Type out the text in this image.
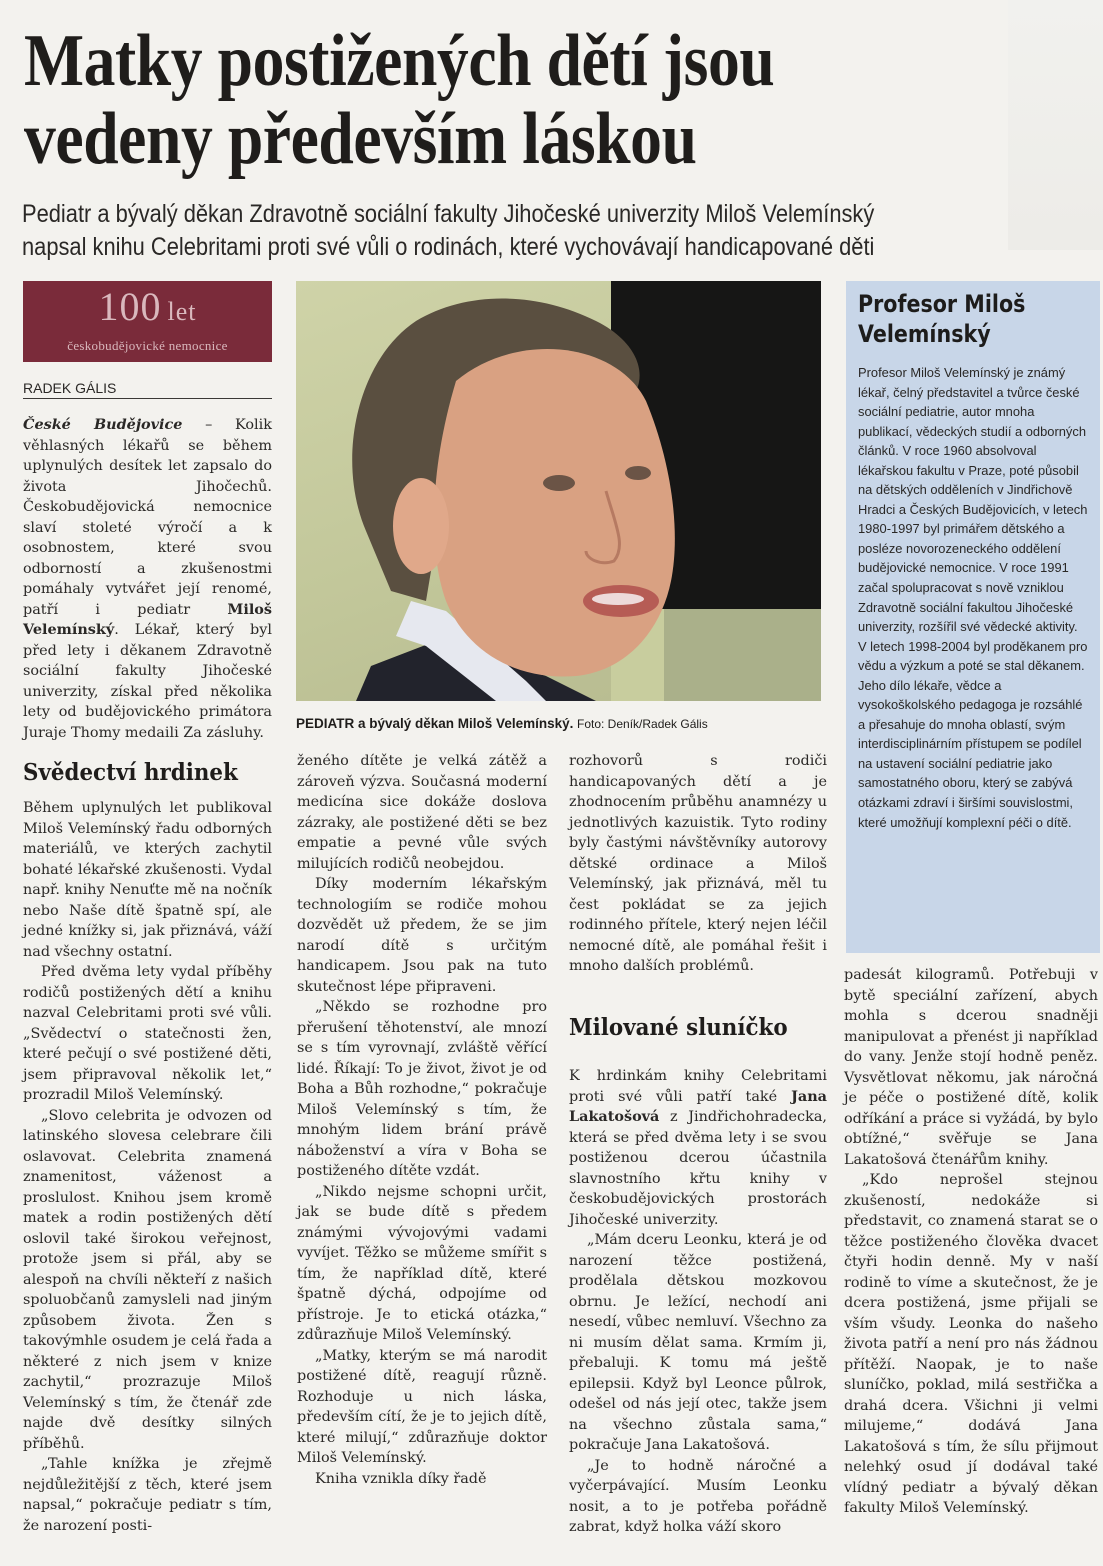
Matky postižených dětí jsou
vedeny především láskou
Pediatr a bývalý děkan Zdravotně sociální fakulty Jihočeské univerzity Miloš Velemínský
napsal knihu Celebritami proti své vůli o rodinách, které vychovávají handicapované děti
100 let
českobudějovické nemocnice
RADEK GÁLIS

České Budějovice – Kolik věhlasných lékařů se během uplynulých desítek let zapsalo do života Jihočechů. Českobudějovická nemocnice slaví stoleté výročí a k osobnostem, které svou odborností a zkušenostmi pomáhaly vytvářet její renomé, patří i pediatr Miloš Velemínský. Lékař, který byl před lety i děkanem Zdravotně sociální fakulty Jihočeské univerzity, získal před několika lety od budějovického primátora Juraje Thomy medaili Za zásluhy.

Svědectví hrdinek

Během uplynulých let publikoval Miloš Velemínský řadu odborných materiálů, ve kterých zachytil bohaté lékařské zkušenosti. Vydal např. knihy Nenuťte mě na nočník nebo Naše dítě špatně spí, ale jedné knížky si, jak přiznává, váží nad všechny ostatní.

Před dvěma lety vydal příběhy rodičů postižených dětí a knihu nazval Celebritami proti své vůli. „Svědectví o statečnosti žen, které pečují o své postižené děti, jsem připravoval několik let,“ prozradil Miloš Velemínský.

„Slovo celebrita je odvozen od latinského slovesa celebrare čili oslavovat. Celebrita znamená znamenitost, váženost a proslulost. Knihou jsem kromě matek a rodin postižených dětí oslovil také širokou veřejnost, protože jsem si přál, aby se alespoň na chvíli někteří z našich spoluobčanů zamysleli nad jiným způsobem života. Žen s takovýmhle osudem je celá řada a některé z nich jsem v knize zachytil,“ prozrazuje Miloš Velemínský s tím, že čtenář zde najde dvě desítky silných příběhů.

„Tahle knížka je zřejmě nejdůležitější z těch, které jsem napsal,“ pokračuje pediatr s tím, že narození posti-

PEDIATR a bývalý děkan Miloš Velemínský. Foto: Deník/Radek Gális

ženého dítěte je velká zátěž a zároveň výzva. Současná moderní medicína sice dokáže doslova zázraky, ale postižené děti se bez empatie a pevné vůle svých milujících rodičů neobejdou.

Díky moderním lékařským technologiím se rodiče mohou dozvědět už předem, že se jim narodí dítě s určitým handicapem. Jsou pak na tuto skutečnost lépe připraveni.

„Někdo se rozhodne pro přerušení těhotenství, ale mnozí se s tím vyrovnají, zvláště věřící lidé. Říkají: To je život, život je od Boha a Bůh rozhodne,“ pokračuje Miloš Velemínský s tím, že mnohým lidem brání právě náboženství a víra v Boha se postiženého dítěte vzdát.

„Nikdo nejsme schopni určit, jak se bude dítě s předem známými vývojovými vadami vyvíjet. Těžko se můžeme smířit s tím, že například dítě, které špatně dýchá, odpojíme od přístroje. Je to etická otázka,“ zdůrazňuje Miloš Velemínský.

„Matky, kterým se má narodit postižené dítě, reagují různě. Rozhoduje u nich láska, především cítí, že je to jejich dítě, které milují,“ zdůrazňuje doktor Miloš Velemínský.

Kniha vznikla díky řadě

rozhovorů s rodiči handicapovaných dětí a je zhodnocením průběhu anamnézy u jednotlivých kazuistik. Tyto rodiny byly častými návštěvníky autorovy dětské ordinace a Miloš Velemínský, jak přiznává, měl tu čest pokládat se za jejich rodinného přítele, který nejen léčil nemocné dítě, ale pomáhal řešit i mnoho dalších problémů.

Milované sluníčko

K hrdinkám knihy Celebritami proti své vůli patří také Jana Lakatošová z Jindřichohradecka, která se před dvěma lety i se svou postiženou dcerou účastnila slavnostního křtu knihy v českobudějovických prostorách Jihočeské univerzity.

„Mám dceru Leonku, která je od narození těžce postižená, prodělala dětskou mozkovou obrnu. Je ležící, nechodí ani nesedí, vůbec nemluví. Všechno za ni musím dělat sama. Krmím ji, přebaluji. K tomu má ještě epilepsii. Když byl Leonce půlrok, odešel od nás její otec, takže jsem na všechno zůstala sama,“ pokračuje Jana Lakatošová.

„Je to hodně náročné a vyčerpávající. Musím Leonku nosit, a to je potřeba pořádně zabrat, když holka váží skoro

Profesor Miloš Velemínský
Profesor Miloš Velemínský je známý lékař, čelný představitel a tvůrce české sociální pediatrie, autor mnoha publikací, vědeckých studií a odborných článků. V roce 1960 absolvoval lékařskou fakultu v Praze, poté působil na dětských odděleních v Jindřichově Hradci a Českých Budějovicích, v letech 1980-1997 byl primářem dětského a posléze novorozeneckého oddělení budějovické nemocnice. V roce 1991 začal spolupracovat s nově vzniklou Zdravotně sociální fakultou Jihočeské univerzity, rozšířil své vědecké aktivity. V letech 1998-2004 byl proděkanem pro vědu a výzkum a poté se stal děkanem. Jeho dílo lékaře, vědce a vysokoškolského pedagoga je rozsáhlé a přesahuje do mnoha oblastí, svým interdisciplinárním přístupem se podílel na ustavení sociální pediatrie jako samostatného oboru, který se zabývá otázkami zdraví i širšími souvislostmi, které umožňují komplexní péči o dítě.

padesát kilogramů. Potřebuji v bytě speciální zařízení, abych mohla s dcerou snadněji manipulovat a přenést ji například do vany. Jenže stojí hodně peněz. Vysvětlovat někomu, jak náročná je péče o postižené dítě, kolik odříkání a práce si vyžádá, by bylo obtížné,“ svěřuje se Jana Lakatošová čtenářům knihy.

„Kdo neprošel stejnou zkušeností, nedokáže si představit, co znamená starat se o těžce postiženého člověka dvacet čtyři hodin denně. My v naší rodině to víme a skutečnost, že je dcera postižená, jsme přijali se vším všudy. Leonka do našeho života patří a není pro nás žádnou přítěží. Naopak, je to naše sluníčko, poklad, milá sestřička a drahá dcera. Všichni ji velmi milujeme,“ dodává Jana Lakatošová s tím, že sílu přijmout nelehký osud jí dodával také vlídný pediatr a bývalý děkan fakulty Miloš Velemínský.
